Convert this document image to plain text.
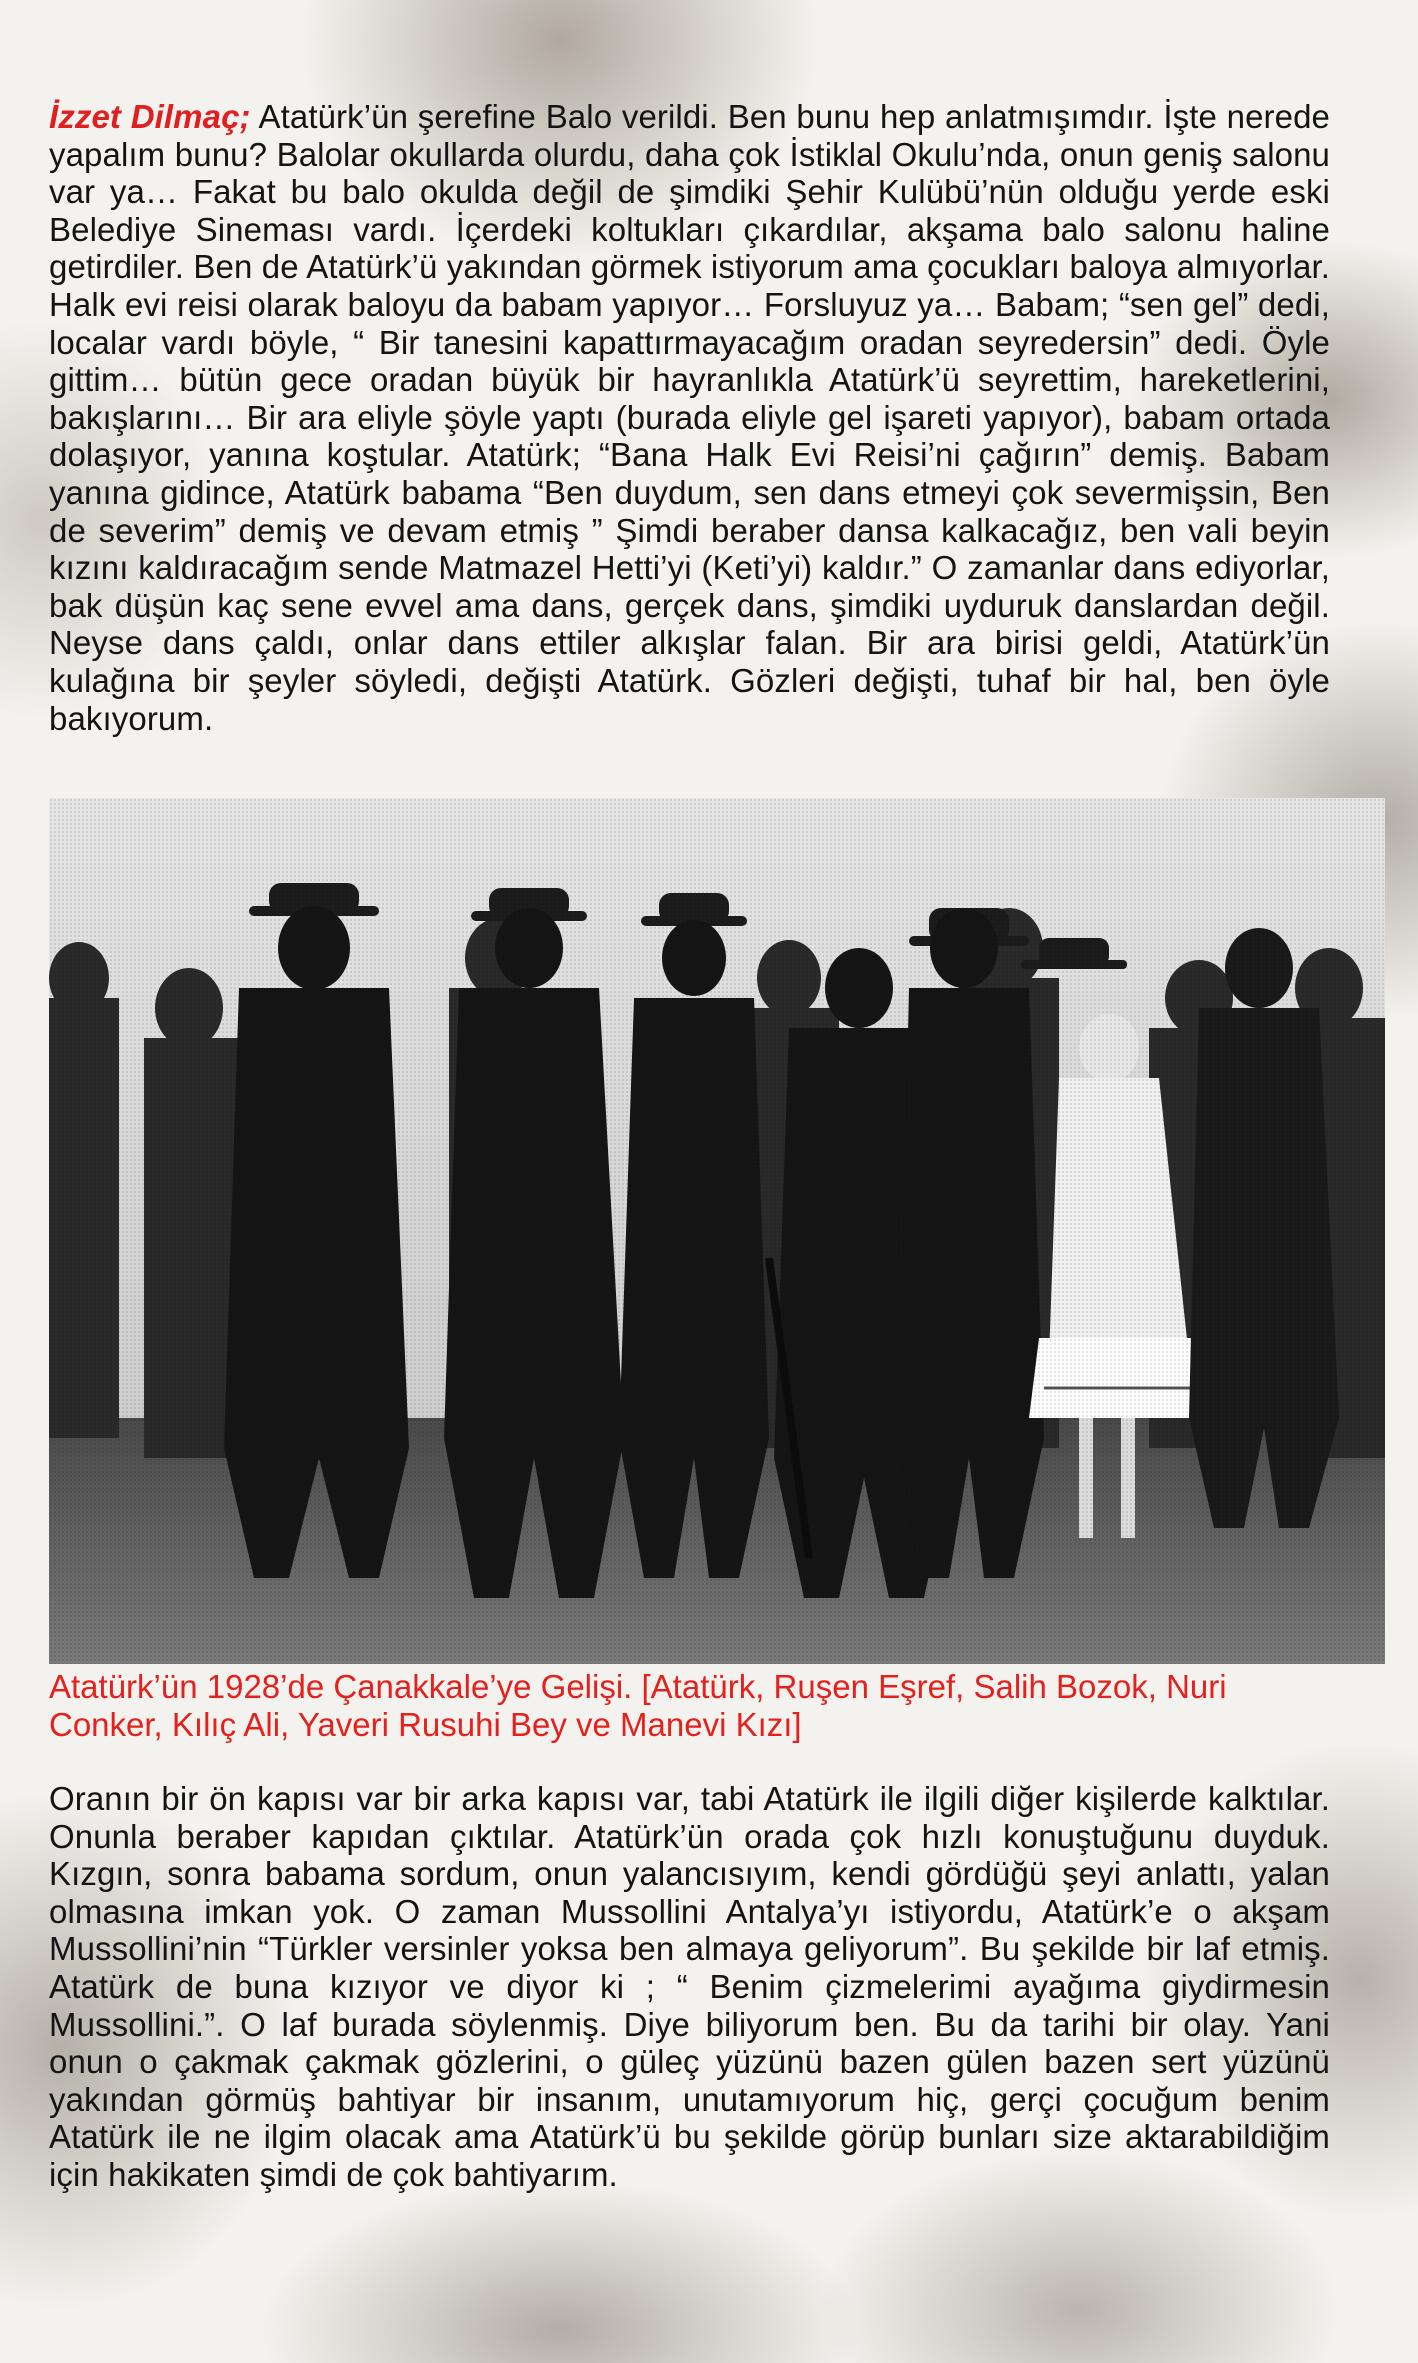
İzzet Dilmaç; Atatürk’ün şerefine Balo verildi. Ben bunu hep anlatmışımdır. İşte nerede yapalım bunu? Balolar okullarda olurdu, daha çok İstiklal Okulu’nda, onun geniş salonu var ya… Fakat bu balo okulda değil de şimdiki Şehir Kulübü’nün olduğu yerde eski Belediye Sineması vardı. İçerdeki koltukları çıkardılar, akşama balo salonu haline getirdiler. Ben de Atatürk’ü yakından görmek istiyorum ama çocukları baloya almıyorlar. Halk evi reisi olarak baloyu da babam yapıyor… Forsluyuz ya… Babam; “sen gel” dedi, localar vardı böyle, “ Bir tanesini kapattırmayacağım oradan seyredersin” dedi. Öyle gittim… bütün gece oradan büyük bir hayranlıkla Atatürk’ü seyrettim, hareketlerini, bakışlarını… Bir ara eliyle şöyle yaptı (burada eliyle gel işareti yapıyor), babam ortada dolaşıyor, yanına koştular. Atatürk; “Bana Halk Evi Reisi’ni çağırın” demiş. Babam yanına gidince, Atatürk babama “Ben duydum, sen dans etmeyi çok severmişsin, Ben de severim” demiş ve devam etmiş ” Şimdi beraber dansa kalkacağız, ben vali beyin kızını kaldıracağım sende Matmazel Hetti’yi (Keti’yi) kaldır.” O zamanlar dans ediyorlar, bak düşün kaç sene evvel ama dans, gerçek dans, şimdiki uyduruk danslardan değil. Neyse dans çaldı, onlar dans ettiler alkışlar falan. Bir ara birisi geldi, Atatürk’ün kulağına bir şeyler söyledi, değişti Atatürk. Gözleri değişti, tuhaf bir hal, ben öyle bakıyorum.

Atatürk’ün 1928’de Çanakkale’ye Gelişi. [Atatürk, Ruşen Eşref, Salih Bozok, Nuri Conker, Kılıç Ali, Yaveri Rusuhi Bey ve Manevi Kızı]

Oranın bir ön kapısı var bir arka kapısı var, tabi Atatürk ile ilgili diğer kişilerde kalktılar. Onunla beraber kapıdan çıktılar. Atatürk’ün orada çok hızlı konuştuğunu duyduk. Kızgın, sonra babama sordum, onun yalancısıyım, kendi gördüğü şeyi anlattı, yalan olmasına imkan yok. O zaman Mussollini Antalya’yı istiyordu, Atatürk’e o akşam Mussollini’nin “Türkler versinler yoksa ben almaya geliyorum”. Bu şekilde bir laf etmiş. Atatürk de buna kızıyor ve diyor ki ; “ Benim çizmelerimi ayağıma giydirmesin Mussollini.”. O laf burada söylenmiş. Diye biliyorum ben. Bu da tarihi bir olay. Yani onun o çakmak çakmak gözlerini, o güleç yüzünü bazen gülen bazen sert yüzünü yakından görmüş bahtiyar bir insanım, unutamıyorum hiç, gerçi çocuğum benim Atatürk ile ne ilgim olacak ama Atatürk’ü bu şekilde görüp bunları size aktarabildiğim için hakikaten şimdi de çok bahtiyarım.
